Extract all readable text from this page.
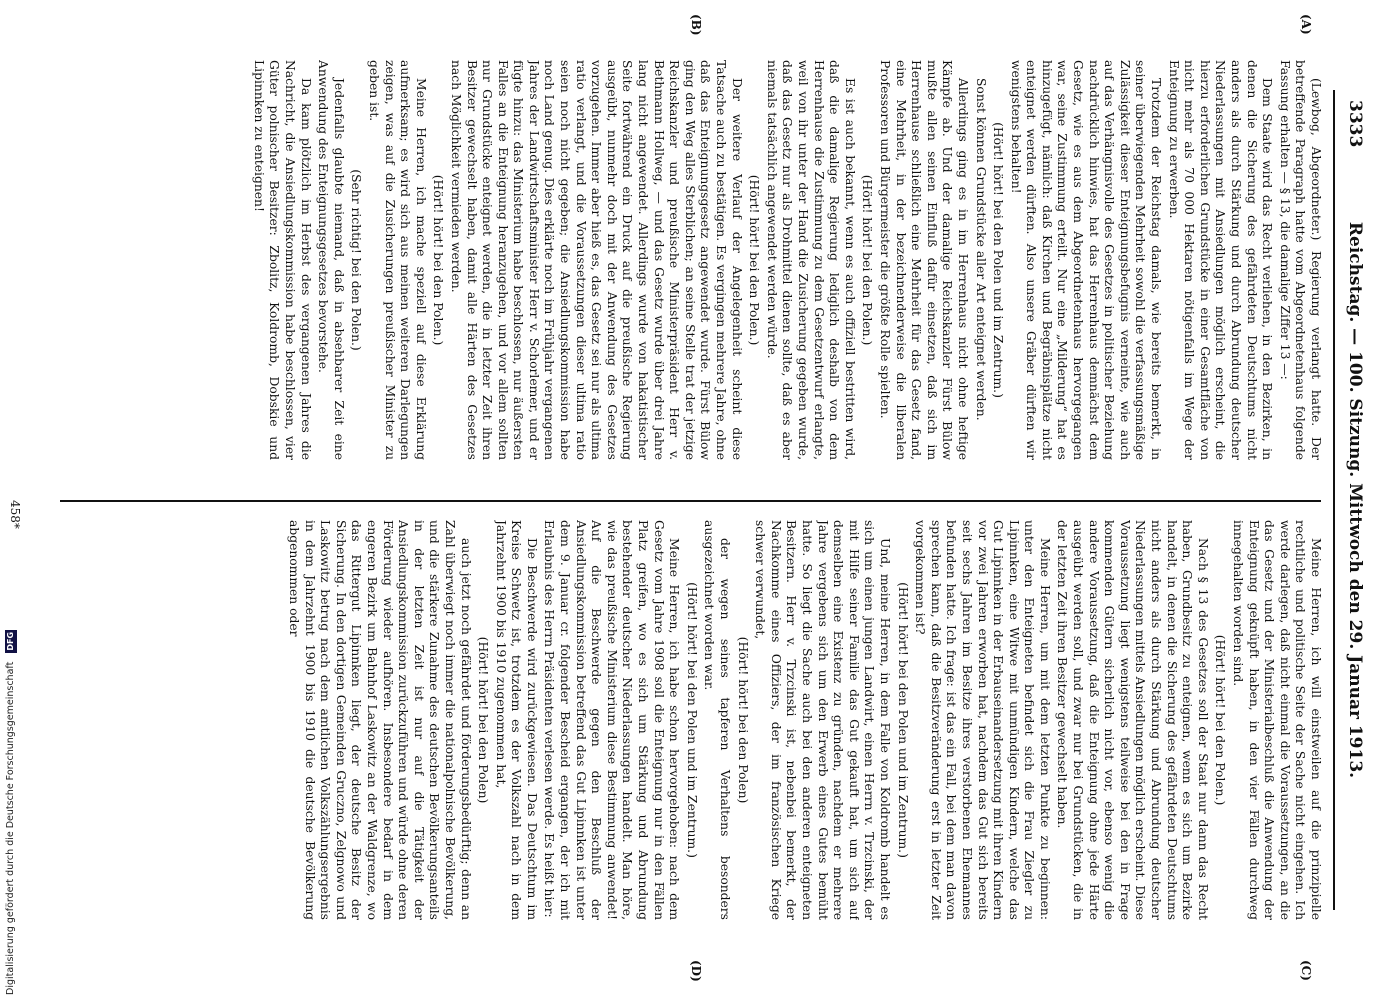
3333
Reichstag. — 100. Sitzung. Mittwoch den 29. Januar 1913.
(A)
(B)
(C)
(D)

(Lewbog, Abgeordneter.) Regierung verlangt hatte. Der betreffende Paragraph hatte vom Abgeordnetenhaus folgende Fassung erhalten — § 13, die damalige Ziffer 13 —:

Dem Staate wird das Recht verliehen, in den Bezirken, in denen die Sicherung des gefährdeten Deutschtums nicht anders als durch Stärkung und durch Abrundung deutscher Niederlassungen mit Ansiedlungen möglich erscheint, die hierzu erforderlichen Grundstücke in einer Gesamtfläche von nicht mehr als 70 000 Hektaren nötigenfalls im Wege der Enteignung zu erwerben.

Trotzdem der Reichstag damals, wie bereits bemerkt, in seiner überwiegenden Mehrheit sowohl die verfassungsmäßige Zulässigkeit dieser Enteignungsbefugnis verneinte, wie auch auf das Verhängnisvolle des Gesetzes in politischer Beziehung nachdrücklich hinwies, hat das Herrenhaus demnächst dem Gesetz, wie es aus dem Abgeordnetenhaus hervorgegangen war, seine Zustimmung erteilt. Nur eine „Milderung“ hat es hinzugefügt, nämlich: daß Kirchen und Begräbnisplätze nicht enteignet werden dürften. Also unsere Gräber dürften wir wenigstens behalten!

(Hört! hört! bei den Polen und im Zentrum.)

Sonst können Grundstücke aller Art enteignet werden.

Allerdings ging es in im Herrenhaus nicht ohne heftige Kämpfe ab. Und der damalige Reichskanzler Fürst Bülow mußte allen seinen Einfluß dafür einsetzen, daß sich im Herrenhause schließlich eine Mehrheit für das Gesetz fand, eine Mehrheit, in der bezeichnenderweise die liberalen Professoren und Bürgermeister die größte Rolle spielten.

(Hört! hört! bei den Polen.)

Es ist auch bekannt, wenn es auch offiziell bestritten wird, daß die damalige Regierung lediglich deshalb von dem Herrenhause die Zustimmung zu dem Gesetzentwurf erlangte, weil von ihr unter der Hand die Zusicherung gegeben wurde, daß das Gesetz nur als Drohmittel dienen sollte, daß es aber niemals tatsächlich angewendet werden würde.

(Hört! hört! bei den Polen.)

Der weitere Verlauf der Angelegenheit scheint diese Tatsache auch zu bestätigen. Es vergingen mehrere Jahre, ohne daß das Enteignungsgesetz angewendet wurde. Fürst Bülow ging den Weg alles Sterblichen; an seine Stelle trat der jetzige Reichskanzler und preußische Ministerpräsident Herr v. Bethmann Hollweg, — und das Gesetz wurde über drei Jahre lang nicht angewendet. Allerdings wurde von hakatistischer Seite fortwährend ein Druck auf die preußische Regierung ausgeübt, nunmehr doch mit der Anwendung des Gesetzes vorzugehen. Immer aber hieß es, das Gesetz sei nur als ultima ratio verlangt, und die Voraussetzungen dieser ultima ratio seien noch nicht gegeben; die Ansiedlungskommission habe noch Land genug. Dies erklärte noch im Frühjahr vergangenen Jahres der Landwirtschaftsminister Herr v. Schorlemer, und er fügte hinzu: das Ministerium habe beschlossen, nur äußersten Falles an die Enteignung heranzugehen, und vor allem sollten nur Grundstücke enteignet werden, die in letzter Zeit ihren Besitzer gewechselt haben, damit alle Härten des Gesetzes nach Möglichkeit vermieden werden.

(Hört! hört! bei den Polen.)

Meine Herren, ich mache speziell auf diese Erklärung aufmerksam; es wird sich aus meinen weiteren Darlegungen zeigen, was auf die Zusicherungen preußischer Minister zu geben ist.

(Sehr richtig! bei den Polen.)

Jedenfalls glaubte niemand, daß in absehbarer Zeit eine Anwendung des Enteignungsgesetzes bevorstehe.

Da kam plötzlich im Herbst des vergangenen Jahres die Nachricht, die Ansiedlungskommission habe beschlossen, vier Güter polnischer Besitzer: Zbolitz, Koldromb, Dobskie und Lipinnken zu enteignen!

Meine Herren, ich will einstweilen auf die prinzipielle rechtliche und politische Seite der Sache nicht eingehen. Ich werde darlegen, daß nicht einmal die Voraussetzungen, an die das Gesetz und der Ministerialbeschluß die Anwendung der Enteignung geknüpft haben, in den vier Fällen durchweg innegehalten worden sind.

(Hört! hört! bei den Polen.)

Nach § 13 des Gesetzes soll der Staat nur dann das Recht haben, Grundbesitz zu enteignen, wenn es sich um Bezirke handelt, in denen die Sicherung des gefährdeten Deutschtums nicht anders als durch Stärkung und Abrundung deutscher Niederlassungen mittels Ansiedlungen möglich erscheint. Diese Voraussetzung liegt wenigstens teilweise bei den in Frage kommenden Gütern sicherlich nicht vor, ebenso wenig die andere Voraussetzung, daß die Enteignung ohne jede Härte ausgeübt werden soll, und zwar nur bei Grundstücken, die in der letzten Zeit ihren Besitzer gewechselt haben.

Meine Herren, um mit dem letzten Punkte zu beginnen: unter den Enteigneten befindet sich die Frau Ziegler zu Lipinnken, eine Witwe mit unmündigen Kindern, welche das Gut Lipinnken in der Erbauseinandersetzung mit ihren Kindern vor zwei Jahren erworben hat, nachdem das Gut sich bereits seit sechs Jahren im Besitze ihres verstorbenen Ehemannes befunden hatte. Ich frage: ist das ein Fall, bei dem man davon sprechen kann, daß die Besitzveränderung erst in letzter Zeit vorgekommen ist?

(Hört! hört! bei den Polen und im Zentrum.)

Und, meine Herren, in dem Falle von Koldromb handelt es sich um einen jungen Landwirt, einen Herrn v. Trzcinski, der mit Hilfe seiner Familie das Gut gekauft hat, um sich auf demselben eine Existenz zu gründen, nachdem er mehrere Jahre vergebens sich um den Erwerb eines Gutes bemüht hatte. So liegt die Sache auch bei den anderen enteigneten Besitzern. Herr v. Trzcinski ist, nebenbei bemerkt, der Nachkomme eines Offiziers, der im französischen Kriege schwer verwundet,

(Hört! hört! bei den Polen)

der wegen seines tapferen Verhaltens besonders ausgezeichnet worden war.

(Hört! hört! bei den Polen und im Zentrum.)

Meine Herren, ich habe schon hervorgehoben: nach dem Gesetz vom Jahre 1908 soll die Enteignung nur in den Fällen Platz greifen, wo es sich um Stärkung und Abrundung bestehender deutscher Niederlassungen handelt. Man höre, wie das preußische Ministerium diese Bestimmung anwendet! Auf die Beschwerde gegen den Beschluß der Ansiedlungskommission betreffend das Gut Lipinnken ist unter dem 9. Januar cr. folgender Bescheid ergangen, der ich mit Erlaubnis des Herrn Präsidenten verlesen werde. Es heißt hier:

Die Beschwerde wird zurückgewiesen. Das Deutschtum im Kreise Schwetz ist, trotzdem es der Volkszahl nach in dem Jahrzehnt 1900 bis 1910 zugenommen hat,

(Hört! hört! bei den Polen)

auch jetzt noch gefährdet und förderungsbedürftig; denn an Zahl überwiegt noch immer die nationalpolnische Bevölkerung, und die stärkere Zunahme des deutschen Bevölkerungsanteils in der letzten Zeit ist nur auf die Tätigkeit der Ansiedlungskommission zurückzuführen und würde ohne deren Förderung wieder aufhören. Insbesondere bedarf in dem engeren Bezirk um Bahnhof Laskowitz an der Waldgrenze, wo das Rittergut Lipinnken liegt, der deutsche Besitz der Sicherung. In den dortigen Gemeinden Gruczno, Zelgnowo und Laskowitz betrug nach dem amtlichen Volkszählungsergebnis in dem Jahrzehnt 1900 bis 1910 die deutsche Bevölkerung abgenommen oder

458*
Digitalisierung gefördert durch die Deutsche Forschungsgemeinschaft DFG
